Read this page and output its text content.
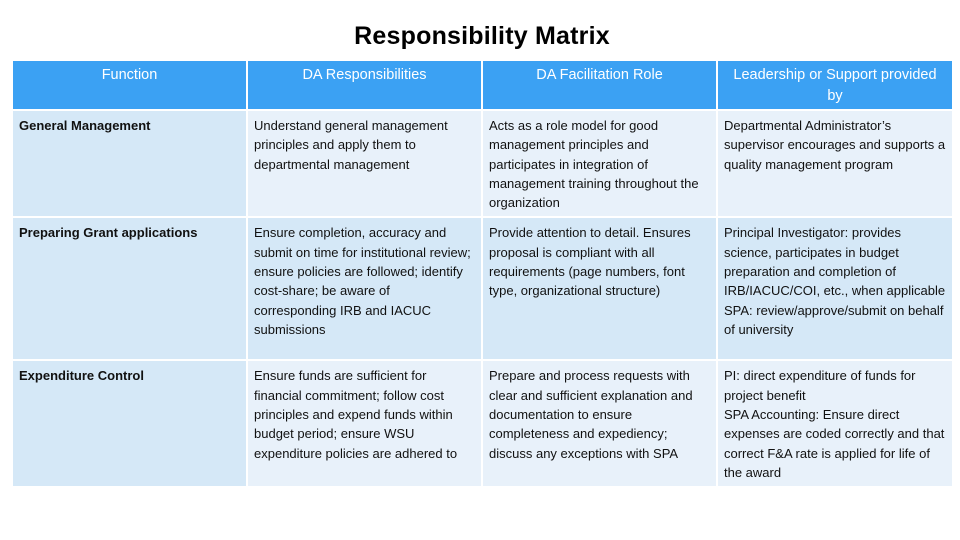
Responsibility Matrix
Function	DA Responsibilities	DA Facilitation Role	Leadership or Support provided by
General Management	Understand general management principles and apply them to departmental management	Acts as a role model for good management principles and participates in integration of management training throughout the organization	Departmental Administrator’s supervisor encourages and supports a quality management program

Preparing Grant applications	Ensure completion, accuracy and submit on time for institutional review; ensure policies are followed; identify cost-share; be aware of corresponding IRB and IACUC submissions	Provide attention to detail. Ensures proposal is compliant with all requirements (page numbers, font type, organizational structure)	Principal Investigator: provides science, participates in budget preparation and completion of IRB/IACUC/COI, etc., when applicable
SPA: review/approve/submit on behalf of university

Expenditure Control	Ensure funds are sufficient for financial commitment; follow cost principles and expend funds within budget period; ensure WSU expenditure policies are adhered to	Prepare and process requests with clear and sufficient explanation and documentation to ensure completeness and expediency; discuss any exceptions with SPA	PI: direct expenditure of funds for project benefit
SPA Accounting: Ensure direct expenses are coded correctly and that correct F&A rate is applied for life of the award
